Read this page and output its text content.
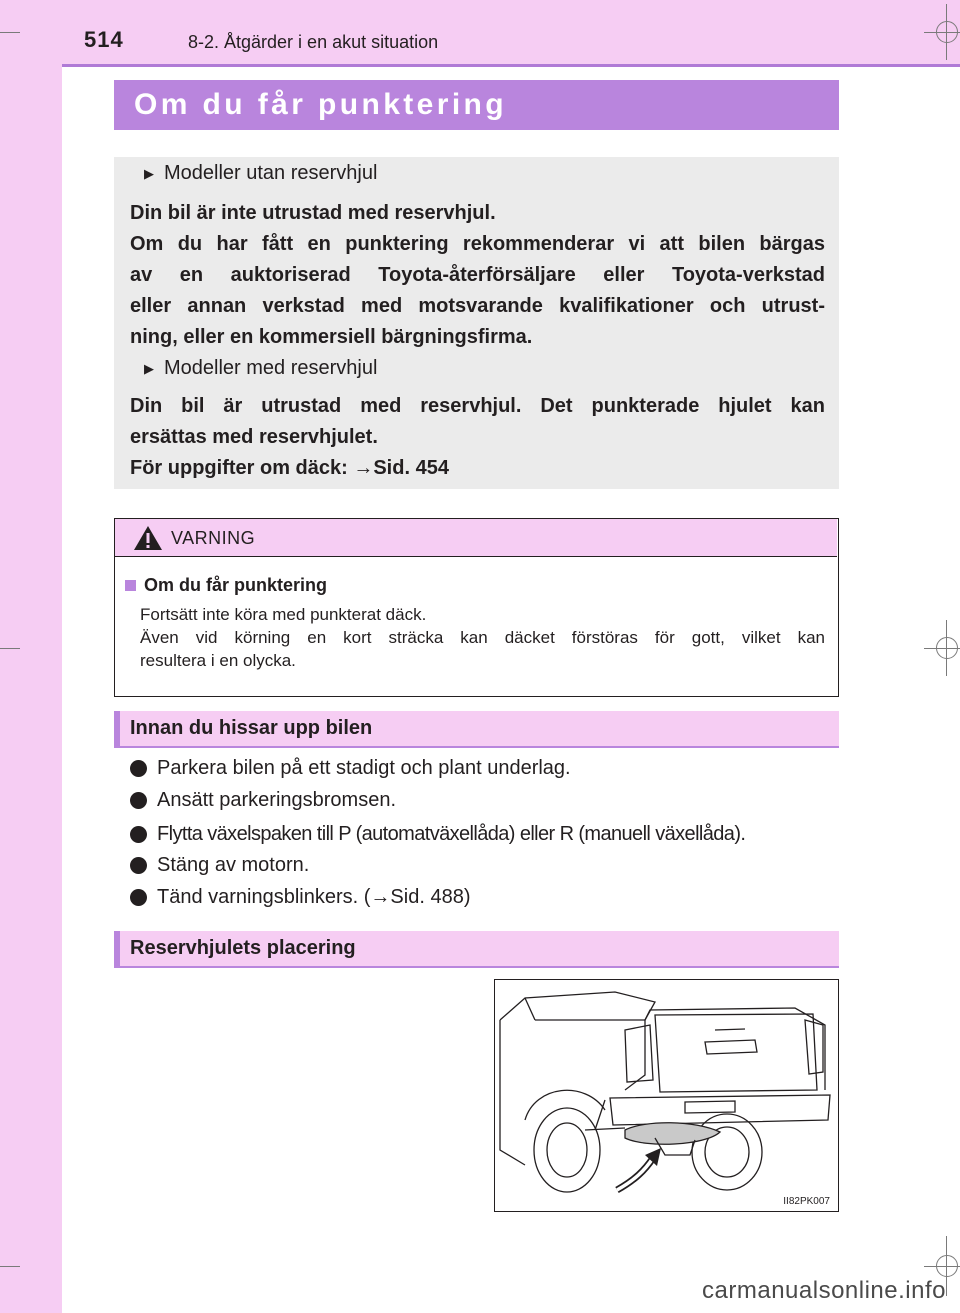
514	8-2. Åtgärder i en akut situation
Om du får punktering
▶ Modeller utan reservhjul
Din bil är inte utrustad med reservhjul.
Om du har fått en punktering rekommenderar vi att bilen bärgas
av en auktoriserad Toyota-återförsäljare eller Toyota-verkstad
eller annan verkstad med motsvarande kvalifikationer och utrust-
ning, eller en kommersiell bärgningsfirma.
▶ Modeller med reservhjul
Din bil är utrustad med reservhjul. Det punkterade hjulet kan
ersättas med reservhjulet.
För uppgifter om däck: →Sid. 454
VARNING
Om du får punktering
Fortsätt inte köra med punkterat däck.
Även vid körning en kort sträcka kan däcket förstöras för gott, vilket kan
resultera i en olycka.
Innan du hissar upp bilen
Parkera bilen på ett stadigt och plant underlag.
Ansätt parkeringsbromsen.
Flytta växelspaken till P (automatväxellåda) eller R (manuell växellåda).
Stäng av motorn.
Tänd varningsblinkers. (→Sid. 488)
Reservhjulets placering
II82PK007
carmanualsonline.info
